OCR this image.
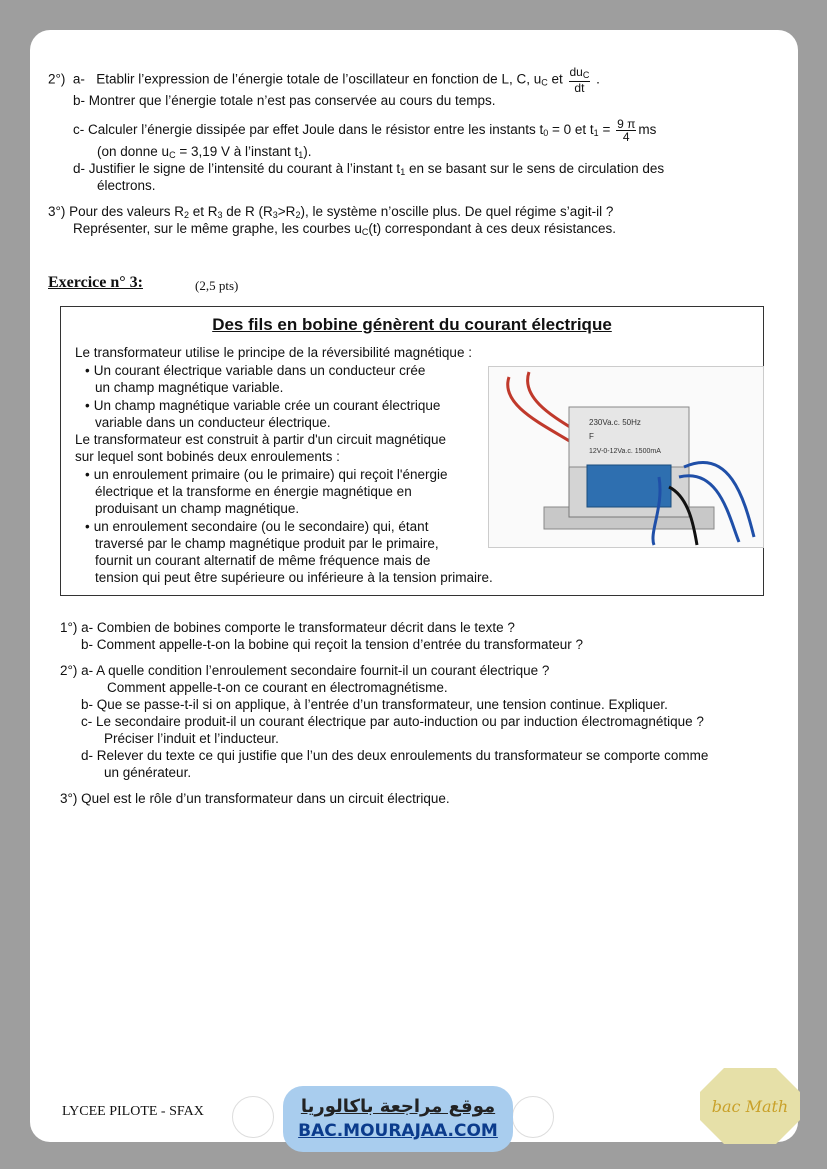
2°) a- Etablir l’expression de l’énergie totale de l’oscillateur en fonction de L, C, $u_C$ et $\frac{du_C}{dt}$ .
b- Montrer que l’énergie totale n’est pas conservée au cours du temps.
c- Calculer l’énergie dissipée par effet Joule dans le résistor entre les instants $t_0 = 0$ et $t_1 = \frac{9 \pi}{4}$ ms
(on donne $u_C = 3,19$ V à l’instant $t_1$).
d- Justifier le signe de l’intensité du courant à l’instant $t_1$ en se basant sur le sens de circulation des
électrons.
3°) Pour des valeurs $R_2$ et $R_3$ de R $(R_3>R_2)$, le système n’oscille plus. De quel régime s’agit-il ?
Représenter, sur le même graphe, les courbes $u_C(t)$ correspondant à ces deux résistances.
Exercice n° 3:	(2,5 pts)
Des fils en bobine génèrent du courant électrique
Le transformateur utilise le principe de la réversibilité magnétique :
• Un courant électrique variable dans un conducteur crée
un champ magnétique variable.
• Un champ magnétique variable crée un courant électrique
variable dans un conducteur électrique.
Le transformateur est construit à partir d'un circuit magnétique
sur lequel sont bobinés deux enroulements :
• un enroulement primaire (ou le primaire) qui reçoit l'énergie
électrique et la transforme en énergie magnétique en
produisant un champ magnétique.
• un enroulement secondaire (ou le secondaire) qui, étant
traversé par le champ magnétique produit par le primaire,
fournit un courant alternatif de même fréquence mais de
tension qui peut être supérieure ou inférieure à la tension primaire.
230Va.c. 50Hz
F
12V-0-12Va.c. 1500mA
1°) a- Combien de bobines comporte le transformateur décrit dans le texte ?
b- Comment appelle-t-on la bobine qui reçoit la tension d’entrée du transformateur ?
2°) a- A quelle condition l’enroulement secondaire fournit-il un courant électrique ?
Comment appelle-t-on ce courant en électromagnétisme.
b- Que se passe-t-il si on applique, à l’entrée d’un transformateur, une tension continue. Expliquer.
c- Le secondaire produit-il un courant électrique par auto-induction ou par induction électromagnétique ?
Préciser l’induit et l’inducteur.
d- Relever du texte ce qui justifie que l’un des deux enroulements du transformateur se comporte comme
un générateur.
3°) Quel est le rôle d’un transformateur dans un circuit électrique.
LYCEE PILOTE - SFAX	موقع مراجعة باكالوريا
BAC.MOURAJAA.COM
bac Math
